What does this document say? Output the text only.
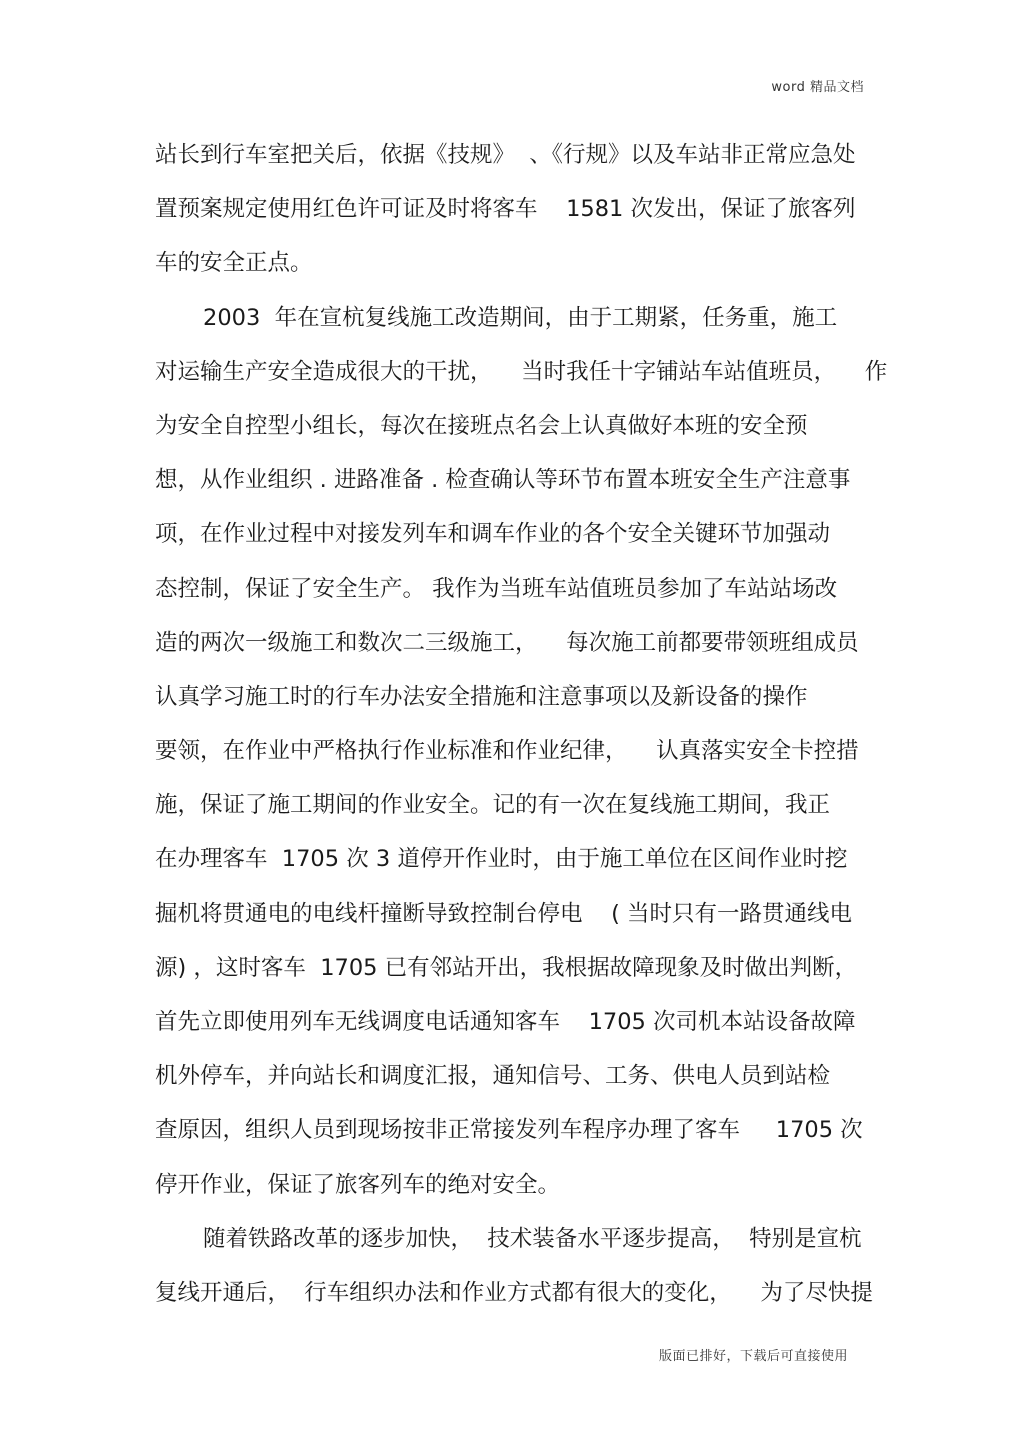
word 精品文档
站长到行车室把关后，依据《技规》  、《行规》以及车站非正常应急处
置预案规定使用红色许可证及时将客车    1581 次发出，保证了旅客列
车的安全正点。
2003  年在宣杭复线施工改造期间，由于工期紧，任务重，施工
对运输生产安全造成很大的干扰，    当时我任十字铺站车站值班员，    作
为安全自控型小组长，每次在接班点名会上认真做好本班的安全预
想，从作业组织 . 进路准备 . 检查确认等环节布置本班安全生产注意事
项，在作业过程中对接发列车和调车作业的各个安全关键环节加强动
态控制，保证了安全生产。 我作为当班车站值班员参加了车站站场改
造的两次一级施工和数次二三级施工，    每次施工前都要带领班组成员
认真学习施工时的行车办法安全措施和注意事项以及新设备的操作
要领，在作业中严格执行作业标准和作业纪律，    认真落实安全卡控措
施，保证了施工期间的作业安全。记的有一次在复线施工期间，我正
在办理客车  1705 次 3 道停开作业时，由于施工单位在区间作业时挖
掘机将贯通电的电线杆撞断导致控制台停电    ( 当时只有一路贯通线电
源) ，这时客车  1705 已有邻站开出，我根据故障现象及时做出判断，
首先立即使用列车无线调度电话通知客车    1705 次司机本站设备故障
机外停车，并向站长和调度汇报，通知信号、工务、供电人员到站检
查原因，组织人员到现场按非正常接发列车程序办理了客车     1705 次
停开作业，保证了旅客列车的绝对安全。
随着铁路改革的逐步加快，  技术装备水平逐步提高，  特别是宣杭
复线开通后，  行车组织办法和作业方式都有很大的变化，    为了尽快提
版面已排好，下载后可直接使用
